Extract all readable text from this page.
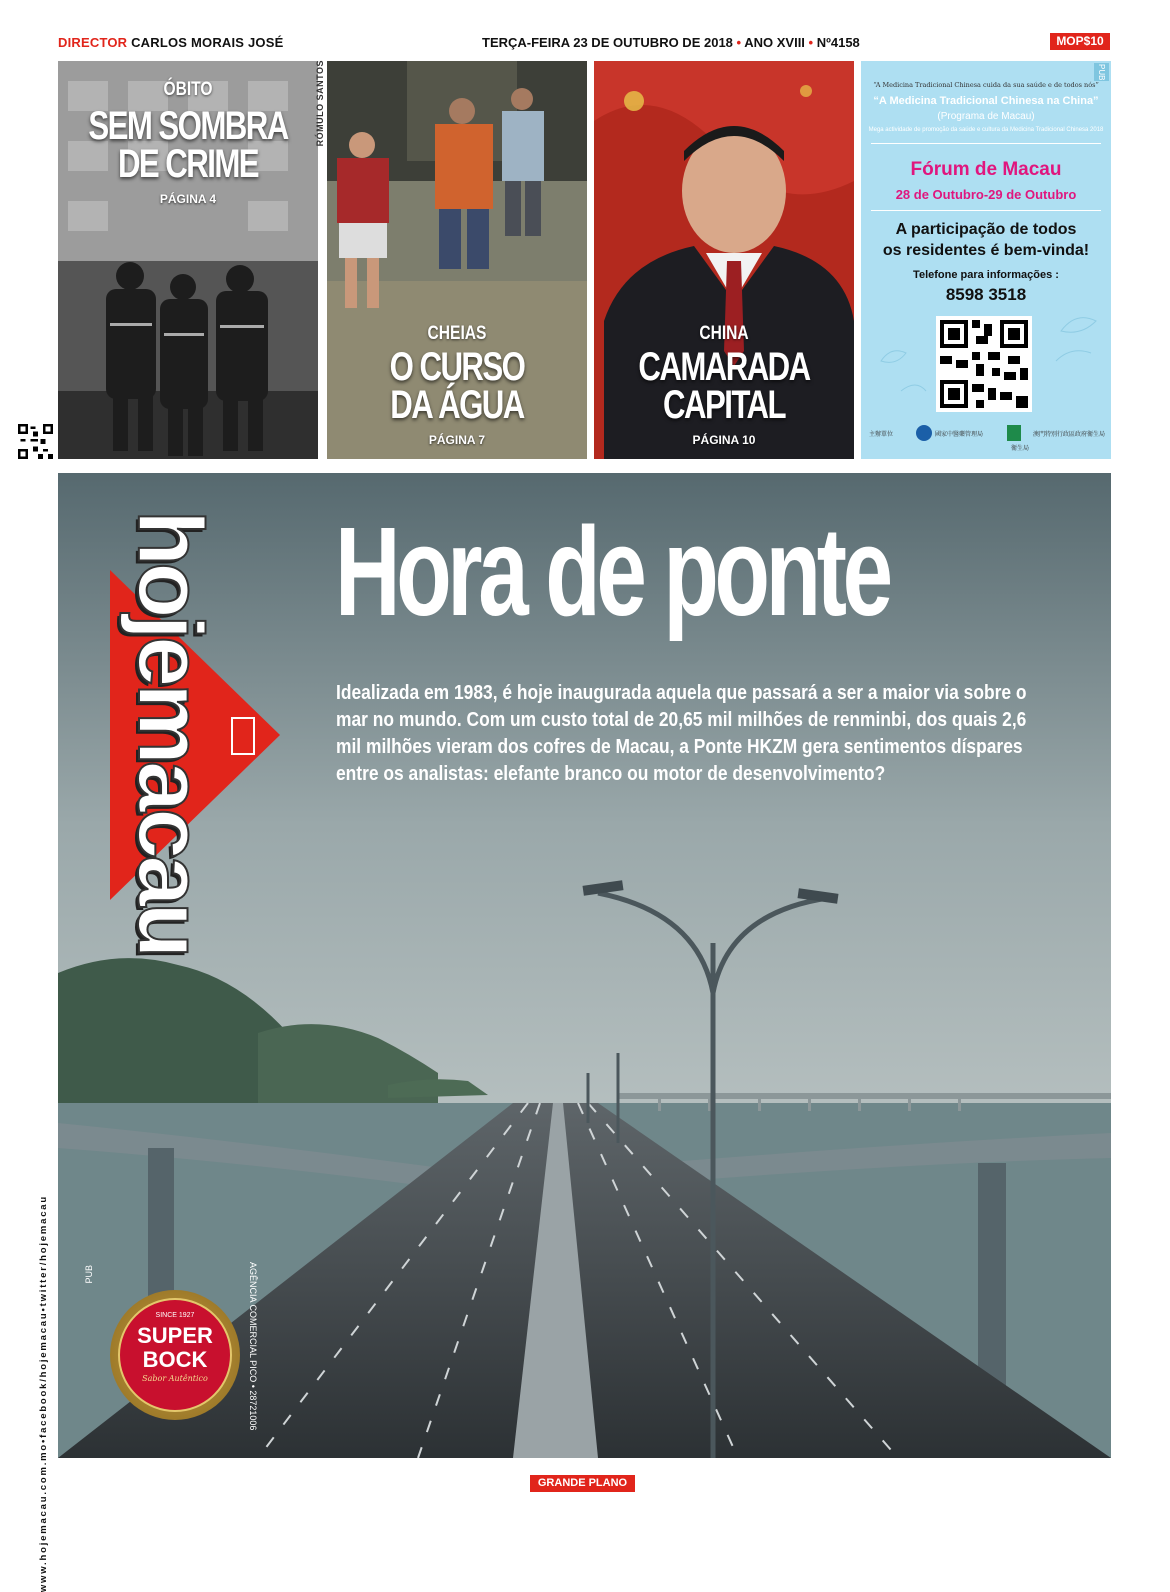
DIRECTOR CARLOS MORAIS JOSÉ	TERÇA-FEIRA 23 DE OUTUBRO DE 2018 • ANO XVIII • Nº4158	MOP$10
ÓBITO
SEM SOMBRA
DE CRIME
PÁGINA 4
RÓMULO SANTOS
CHEIAS
O CURSO
DA ÁGUA
PÁGINA 7
CHINA
CAMARADA
CAPITAL
PÁGINA 10
PUB
“A Medicina Tradicional Chinesa cuida da sua saúde e de todos nós”
“A Medicina Tradicional Chinesa na China”
(Programa de Macau)
Mega actividade de promoção da saúde e cultura da Medicina Tradicional Chinesa 2018
Fórum de Macau
28 de Outubro-29 de Outubro
A participação de todos
os residentes é bem-vinda!
Telefone para informações :
8598 3518
主辦單位	國家中醫藥管理局
衛生局
澳門特別行政區政府衛生局
Hora de ponte
Idealizada em 1983, é hoje inaugurada aquela que passará a ser a maior via sobre o mar no mundo. Com um custo total de 20,65 mil milhões de renminbi, dos quais 2,6 mil milhões vieram dos cofres de Macau, a Ponte HKZM gera sentimentos díspares entre os analistas: elefante branco ou motor de desenvolvimento?
hojemacau
www.hojemacau.com.mo•facebook/hojemacau•twitter/hojemacau	PUB
SINCE 1927
SUPER
BOCK
Sabor Autêntico	AGÊNCIA COMERCIAL PICO • 28721006
GRANDE PLANO
